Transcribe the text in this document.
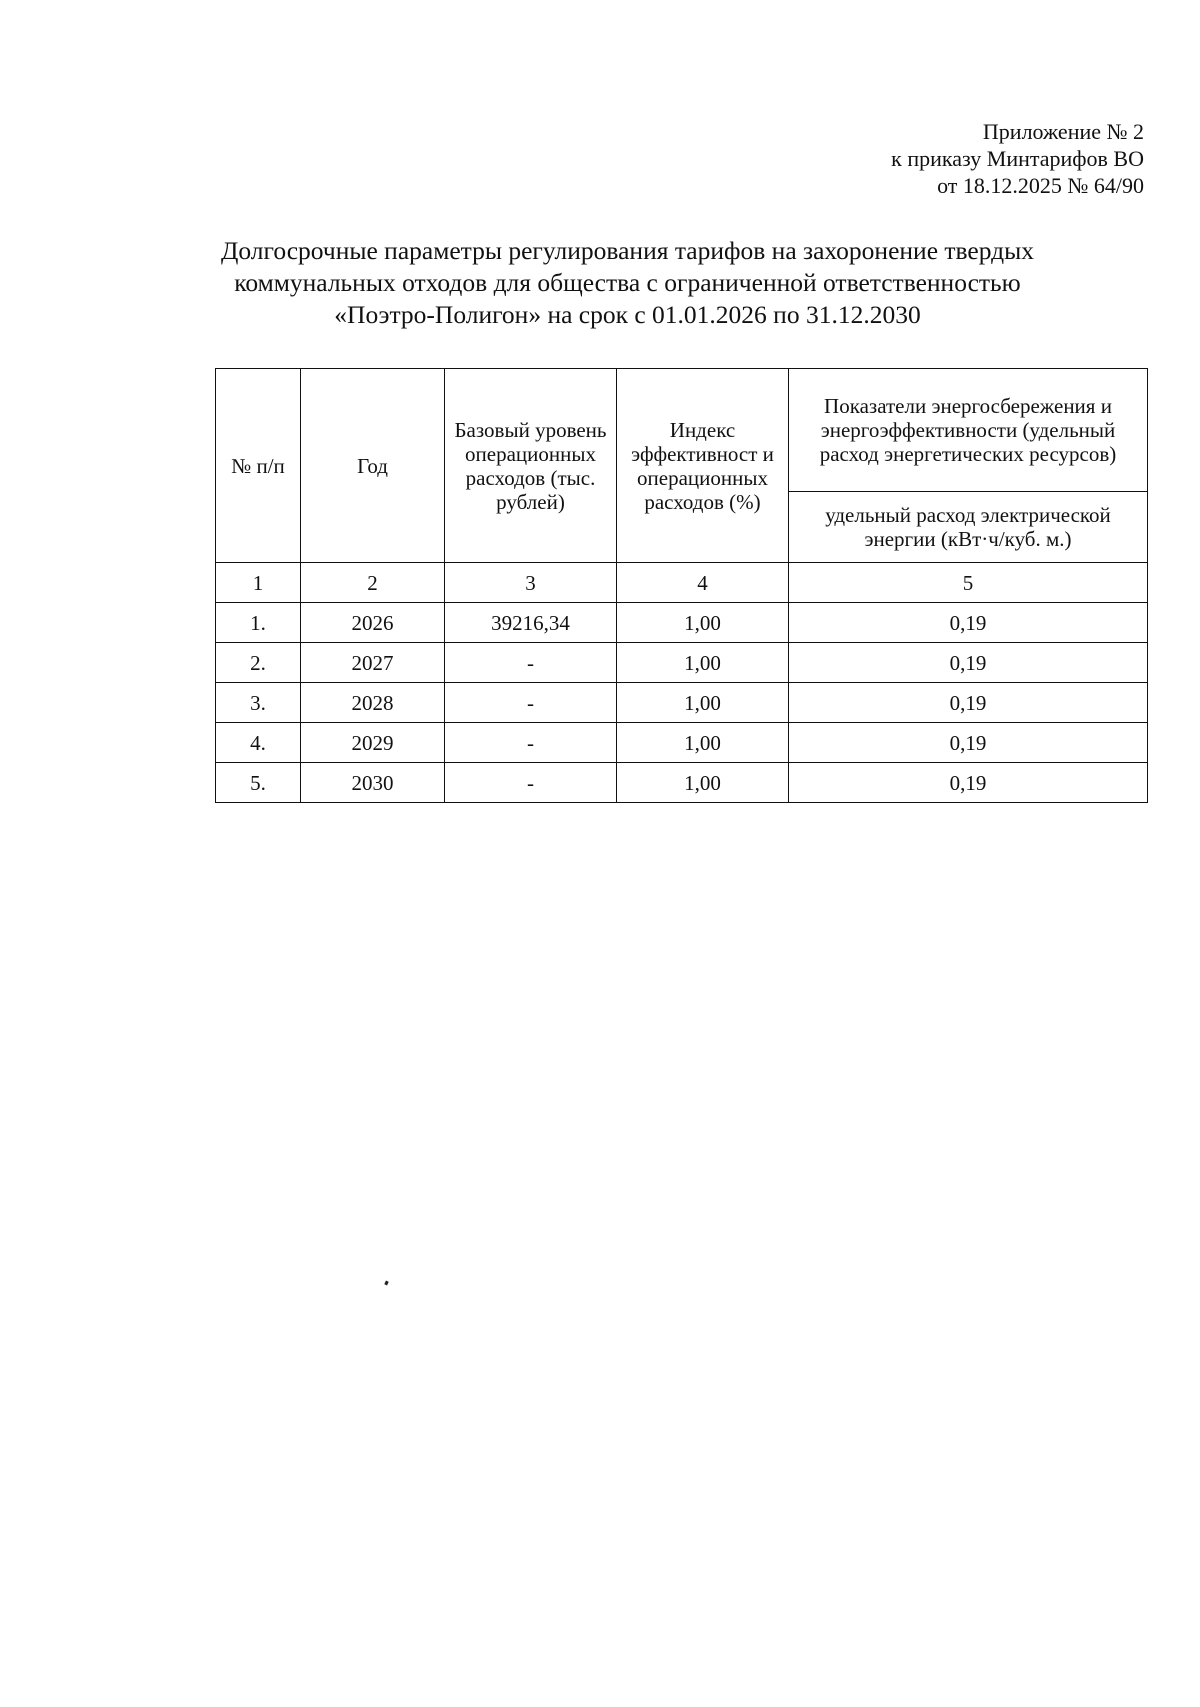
Приложение № 2
к приказу Минтарифов ВО
от 18.12.2025 № 64/90
Долгосрочные параметры регулирования тарифов на захоронение твердых
коммунальных отходов для общества с ограниченной ответственностью
«Поэтро-Полигон» на срок с 01.01.2026 по 31.12.2030
№ п/п	Год	Базовый уровень операционных расходов (тыс. рублей)	Индекс эффективност и операционных расходов (%)	Показатели энергосбережения и энергоэффективности (удельный расход энергетических ресурсов)
				удельный расход электрической энергии (кВт·ч/куб. м.)
1	2	3	4	5
1.	2026	39216,34	1,00	0,19
2.	2027	-	1,00	0,19
3.	2028	-	1,00	0,19
4.	2029	-	1,00	0,19
5.	2030	-	1,00	0,19
